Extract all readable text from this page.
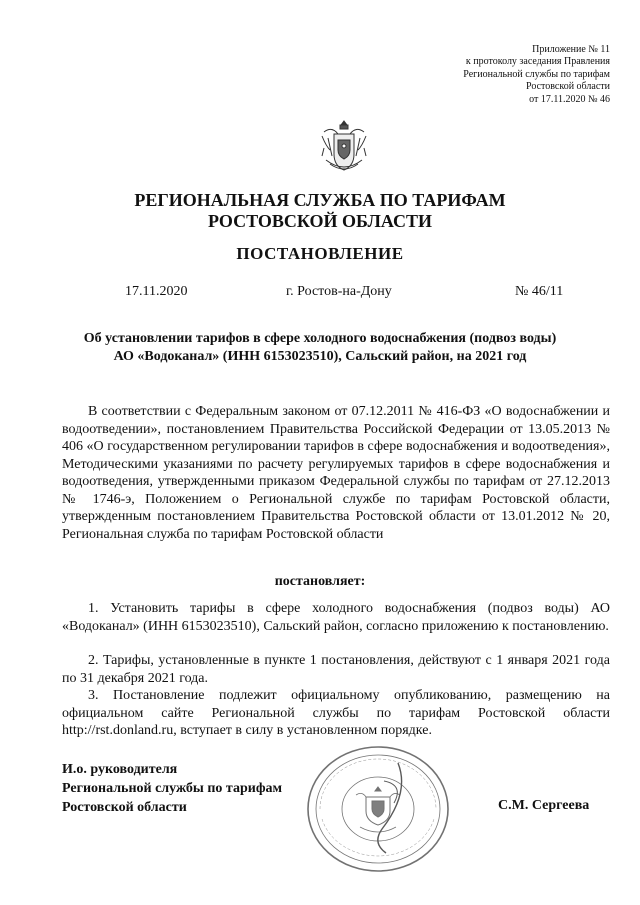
Приложение № 11
к протоколу заседания Правления
Региональной службы по тарифам
Ростовской области
от 17.11.2020 № 46
РЕГИОНАЛЬНАЯ СЛУЖБА ПО ТАРИФАМ
РОСТОВСКОЙ ОБЛАСТИ
ПОСТАНОВЛЕНИЕ
17.11.2020	г. Ростов-на-Дону	№ 46/11
Об установлении тарифов в сфере холодного водоснабжения (подвоз воды) АО «Водоканал» (ИНН 6153023510), Сальский район, на 2021 год
В соответствии с Федеральным законом от 07.12.2011 № 416-ФЗ «О водоснабжении и водоотведении», постановлением Правительства Российской Федерации от 13.05.2013 № 406 «О государственном регулировании тарифов в сфере водоснабжения и водоотведения», Методическими указаниями по расчету регулируемых тарифов в сфере водоснабжения и водоотведения, утвержденными приказом Федеральной службы по тарифам от 27.12.2013 № 1746-э, Положением о Региональной службе по тарифам Ростовской области, утвержденным постановлением Правительства Ростовской области от 13.01.2012 № 20, Региональная служба по тарифам Ростовской области
постановляет:
1. Установить тарифы в сфере холодного водоснабжения (подвоз воды) АО «Водоканал» (ИНН 6153023510), Сальский район, согласно приложению к постановлению.
2. Тарифы, установленные в пункте 1 постановления, действуют с 1 января 2021 года по 31 декабря 2021 года.
3. Постановление подлежит официальному опубликованию, размещению на официальном сайте Региональной службы по тарифам Ростовской области http://rst.donland.ru, вступает в силу в установленном порядке.
И.о. руководителя
Региональной службы по тарифам
Ростовской области	С.М. Сергеева
